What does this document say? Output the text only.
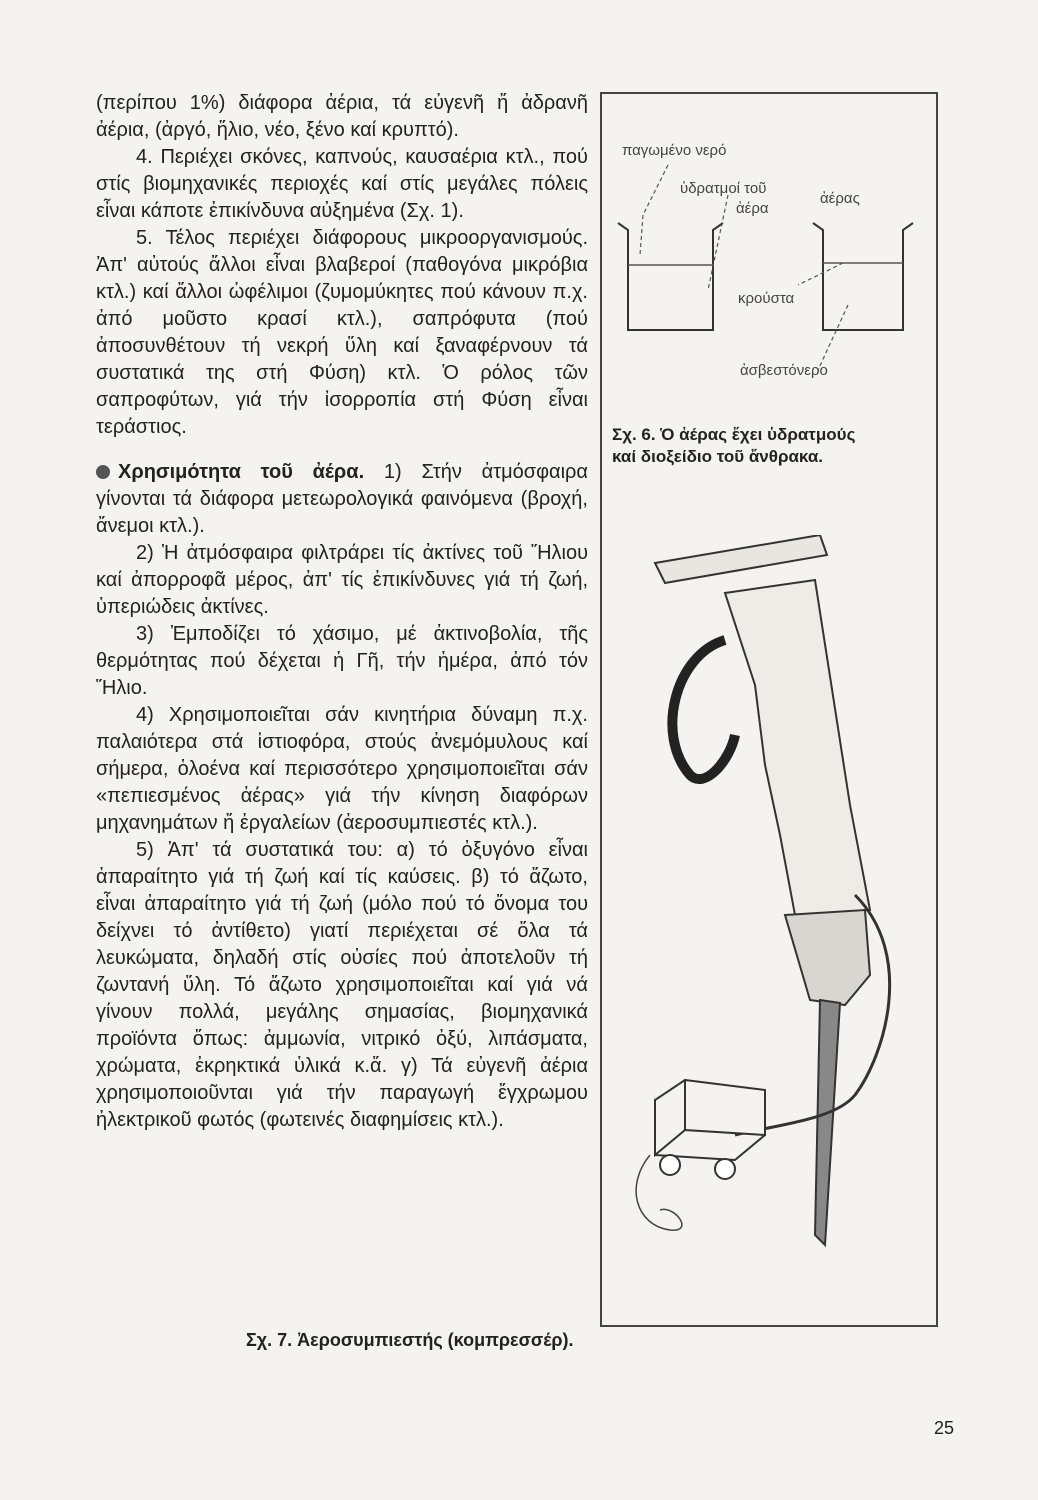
(περίπου 1%) διάφορα ἀέρια, τά εὐγενῆ ἤ ἀδρανῆ ἀέρια, (ἀργό, ἥλιο, νέο, ξένο καί κρυπτό).

4. Περιέχει σκόνες, καπνούς, καυσαέρια κτλ., πού στίς βιομηχανικές περιοχές καί στίς μεγάλες πόλεις εἶναι κάποτε ἐπικίνδυνα αὐξημένα (Σχ. 1).

5. Τέλος περιέχει διάφορους μικροοργανισμούς. Ἀπ' αὐτούς ἄλλοι εἶναι βλαβεροί (παθογόνα μικρόβια κτλ.) καί ἄλλοι ὠφέλιμοι (ζυμομύκητες πού κάνουν π.χ. ἀπό μοῦστο κρασί κτλ.), σαπρόφυτα (πού ἀποσυνθέτουν τή νεκρή ὕλη καί ξαναφέρνουν τά συστατικά της στή Φύση) κτλ. Ὁ ρόλος τῶν σαπροφύτων, γιά τήν ἰσορροπία στή Φύση εἶναι τεράστιος.

Χρησιμότητα τοῦ ἀέρα. 1) Στήν ἀτμόσφαιρα γίνονται τά διάφορα μετεωρολογικά φαινόμενα (βροχή, ἄνεμοι κτλ.).

2) Ἡ ἀτμόσφαιρα φιλτράρει τίς ἀκτίνες τοῦ Ἥλιου καί ἀπορροφᾶ μέρος, ἀπ' τίς ἐπικίνδυνες γιά τή ζωή, ὑπεριώδεις ἀκτίνες.

3) Ἐμποδίζει τό χάσιμο, μέ ἀκτινοβολία, τῆς θερμότητας πού δέχεται ἡ Γῆ, τήν ἡμέρα, ἀπό τόν Ἥλιο.

4) Χρησιμοποιεῖται σάν κινητήρια δύναμη π.χ. παλαιότερα στά ἱστιοφόρα, στούς ἀνεμόμυλους καί σήμερα, ὁλοένα καί περισσότερο χρησιμοποιεῖται σάν «πεπιεσμένος ἀέρας» γιά τήν κίνηση διαφόρων μηχανημάτων ἤ ἐργαλείων (ἀεροσυμπιεστές κτλ.).

5) Ἀπ' τά συστατικά του: α) τό ὀξυγόνο εἶναι ἀπαραίτητο γιά τή ζωή καί τίς καύσεις. β) τό ἄζωτο, εἶναι ἀπαραίτητο γιά τή ζωή (μόλο πού τό ὄνομα του δείχνει τό ἀντίθετο) γιατί περιέχεται σέ ὅλα τά λευκώματα, δηλαδή στίς οὐσίες πού ἀποτελοῦν τή ζωντανή ὕλη. Τό ἄζωτο χρησιμοποιεῖται καί γιά νά γίνουν πολλά, μεγάλης σημασίας, βιομηχανικά προϊόντα ὅπως: ἀμμωνία, νιτρικό ὀξύ, λιπάσματα, χρώματα, ἐκρηκτικά ὑλικά κ.ἄ. γ) Τά εὐγενῆ ἀέρια χρησιμοποιοῦνται γιά τήν παραγωγή ἔγχρωμου ἠλεκτρικοῦ φωτός (φωτεινές διαφημίσεις κτλ.).

παγωμένο νερό
ὑδρατμοί τοῦ
ἀέρα
ἀέρας
κρούστα
ἀσβεστόνερο
Σχ. 6. Ὁ ἀέρας ἔχει ὑδρατμούς
καί διοξείδιο τοῦ ἄνθρακα.
Σχ. 7. Ἀεροσυμπιεστής (κομπρεσσέρ).
25
